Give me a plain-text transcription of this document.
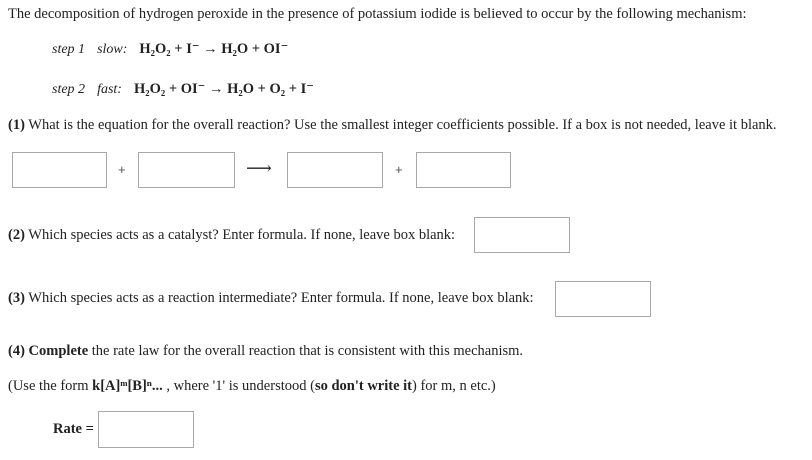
The decomposition of hydrogen peroxide in the presence of potassium iodide is believed to occur by the following mechanism:
step 1 slow: H₂O₂ + I⁻ → H₂O + OI⁻
step 2 fast: H₂O₂ + OI⁻ → H₂O + O₂ + I⁻
(1) What is the equation for the overall reaction? Use the smallest integer coefficients possible. If a box is not needed, leave it blank.
+	⟶	+
(2) Which species acts as a catalyst? Enter formula. If none, leave box blank:
(3) Which species acts as a reaction intermediate? Enter formula. If none, leave box blank:
(4) Complete the rate law for the overall reaction that is consistent with this mechanism.
(Use the form k[A]ᵐ[B]ⁿ... , where '1' is understood (so don't write it) for m, n etc.)
Rate =
